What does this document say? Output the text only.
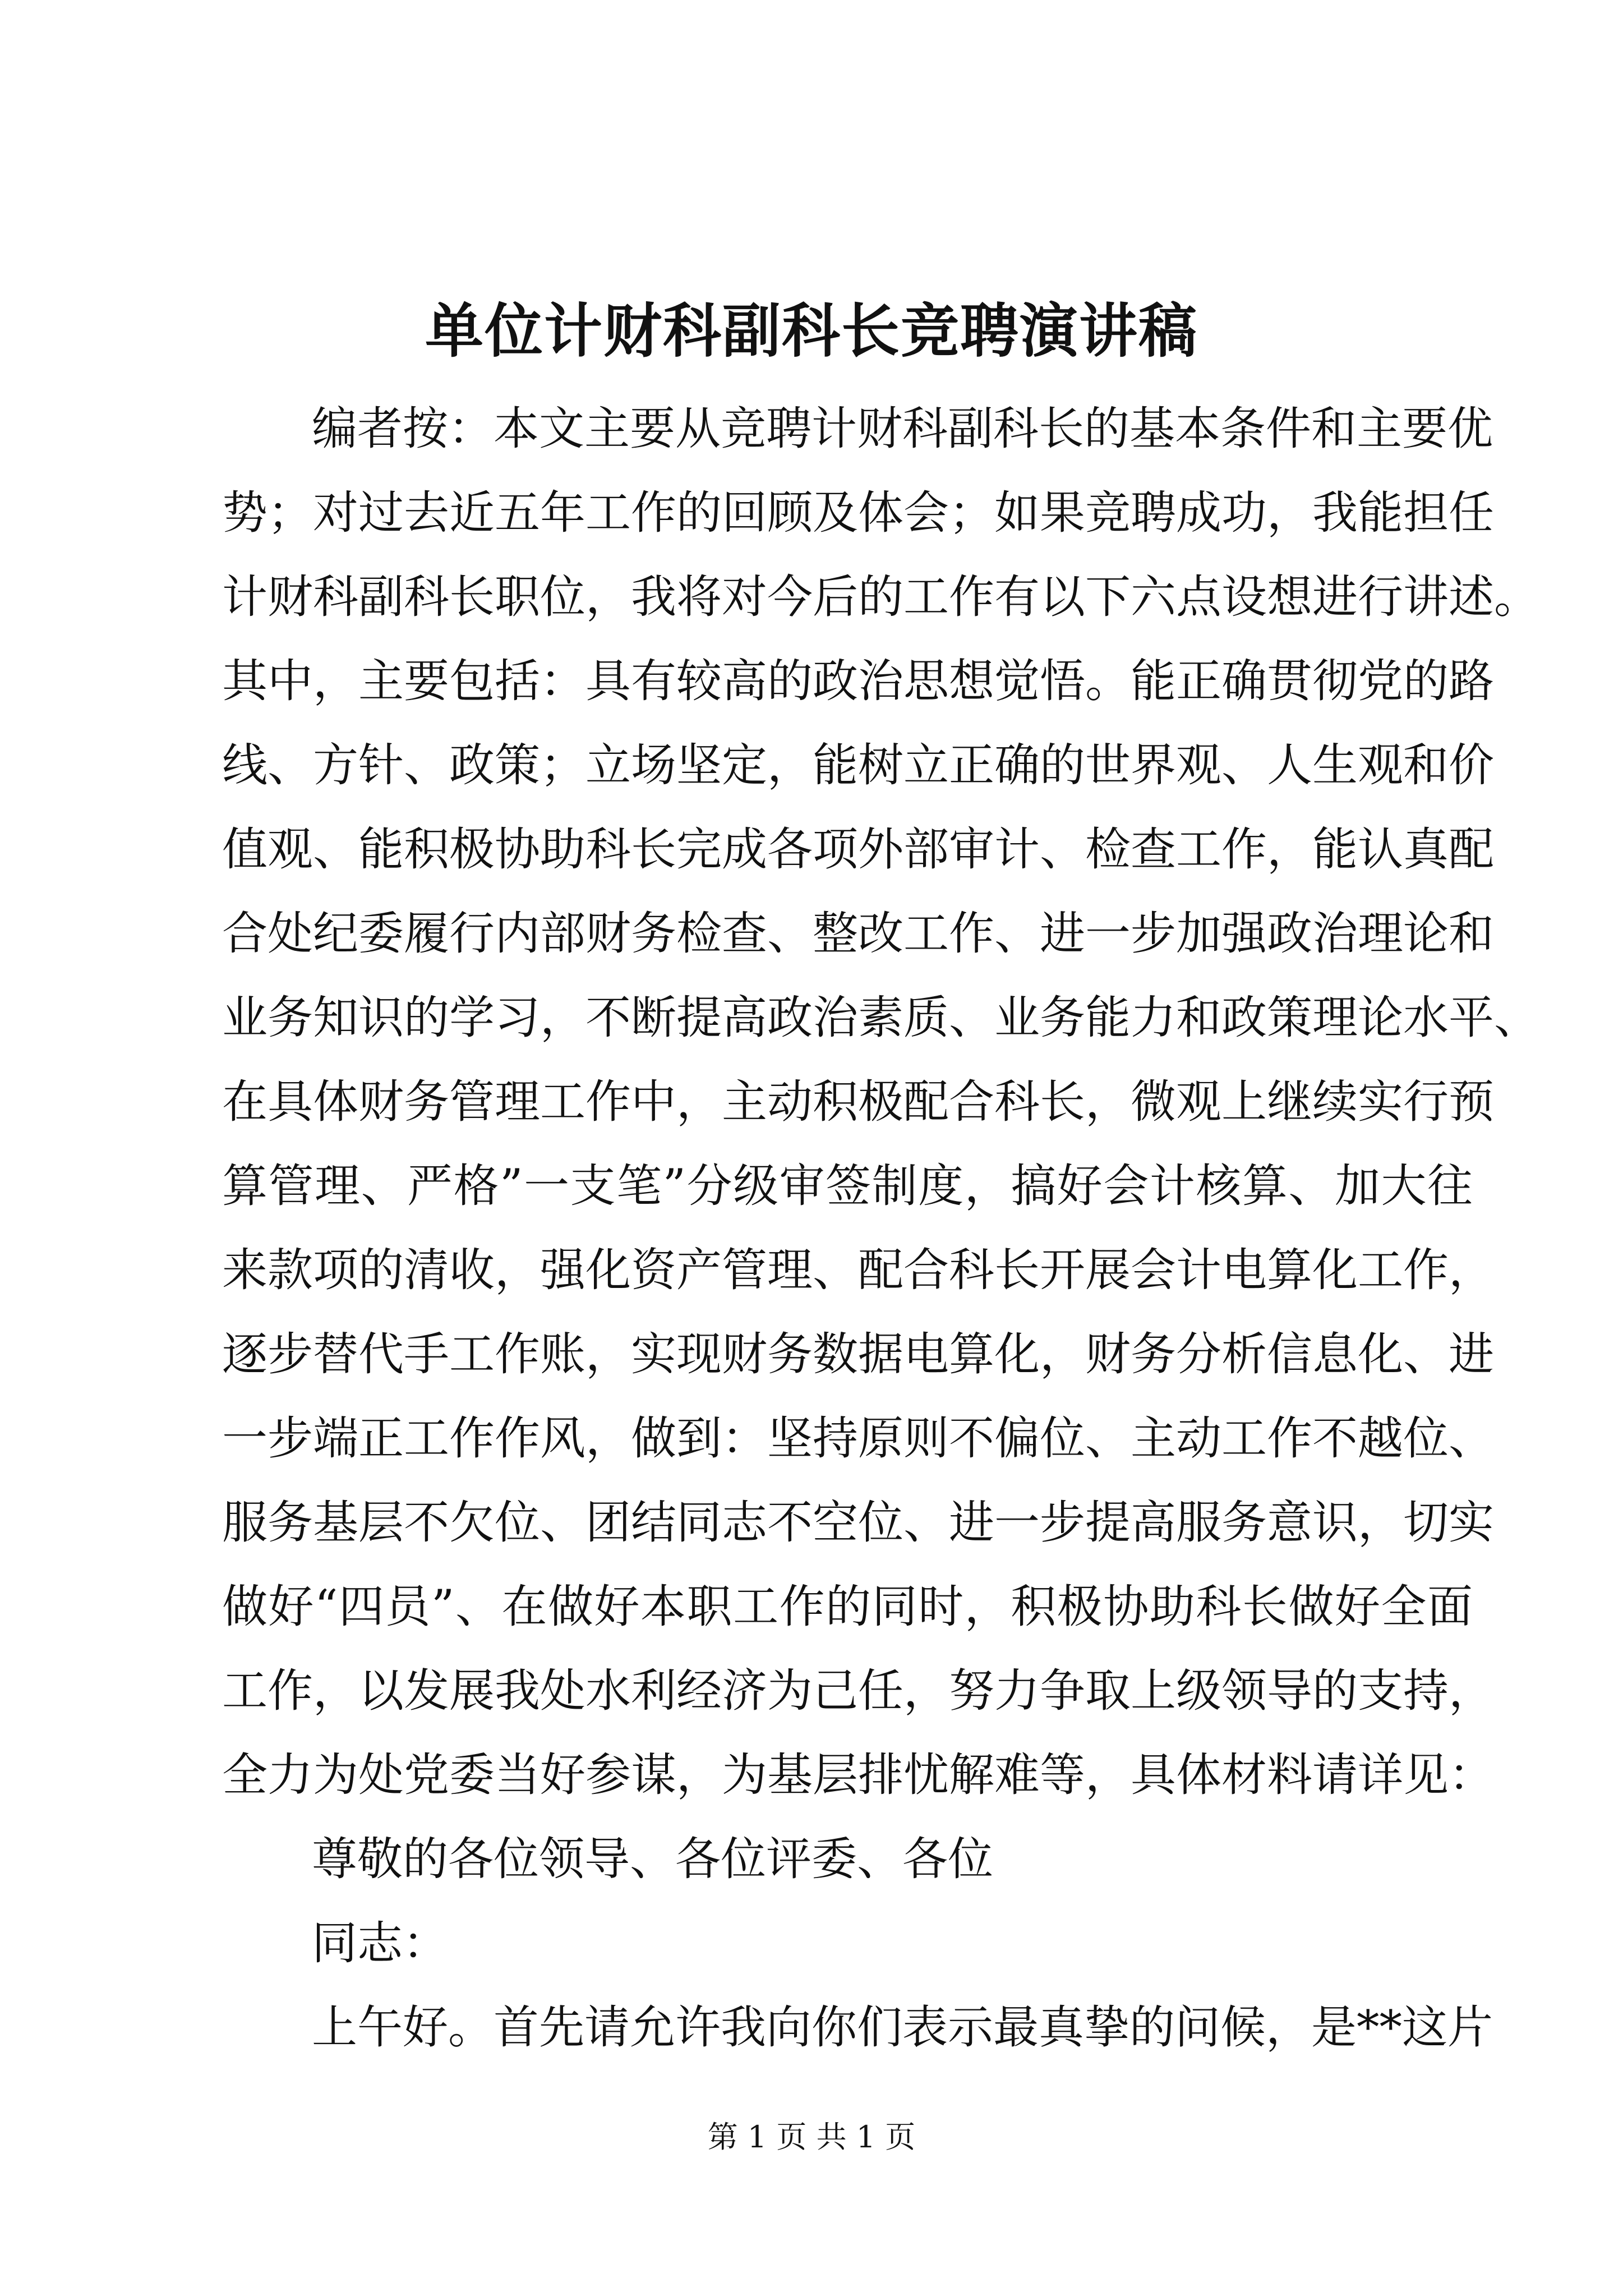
单位计财科副科长竞聘演讲稿
编者按：本文主要从竞聘计财科副科长的基本条件和主要优
势；对过去近五年工作的回顾及体会；如果竞聘成功，我能担任
计财科副科长职位，我将对今后的工作有以下六点设想进行讲述。
其中，主要包括：具有较高的政治思想觉悟。能正确贯彻党的路
线、方针、政策；立场坚定，能树立正确的世界观、人生观和价
值观、能积极协助科长完成各项外部审计、检查工作，能认真配
合处纪委履行内部财务检查、整改工作、进一步加强政治理论和
业务知识的学习，不断提高政治素质、业务能力和政策理论水平、
在具体财务管理工作中，主动积极配合科长，微观上继续实行预
算管理、严格”一支笔”分级审签制度，搞好会计核算、加大往
来款项的清收，强化资产管理、配合科长开展会计电算化工作，
逐步替代手工作账，实现财务数据电算化，财务分析信息化、进
一步端正工作作风，做到：坚持原则不偏位、主动工作不越位、
服务基层不欠位、团结同志不空位、进一步提高服务意识，切实
做好“四员”、在做好本职工作的同时，积极协助科长做好全面
工作，以发展我处水利经济为己任，努力争取上级领导的支持，
全力为处党委当好参谋，为基层排忧解难等，具体材料请详见：
尊敬的各位领导、各位评委、各位
同志：
上午好。首先请允许我向你们表示最真挚的问候，是**这片
第 1 页 共 1 页
